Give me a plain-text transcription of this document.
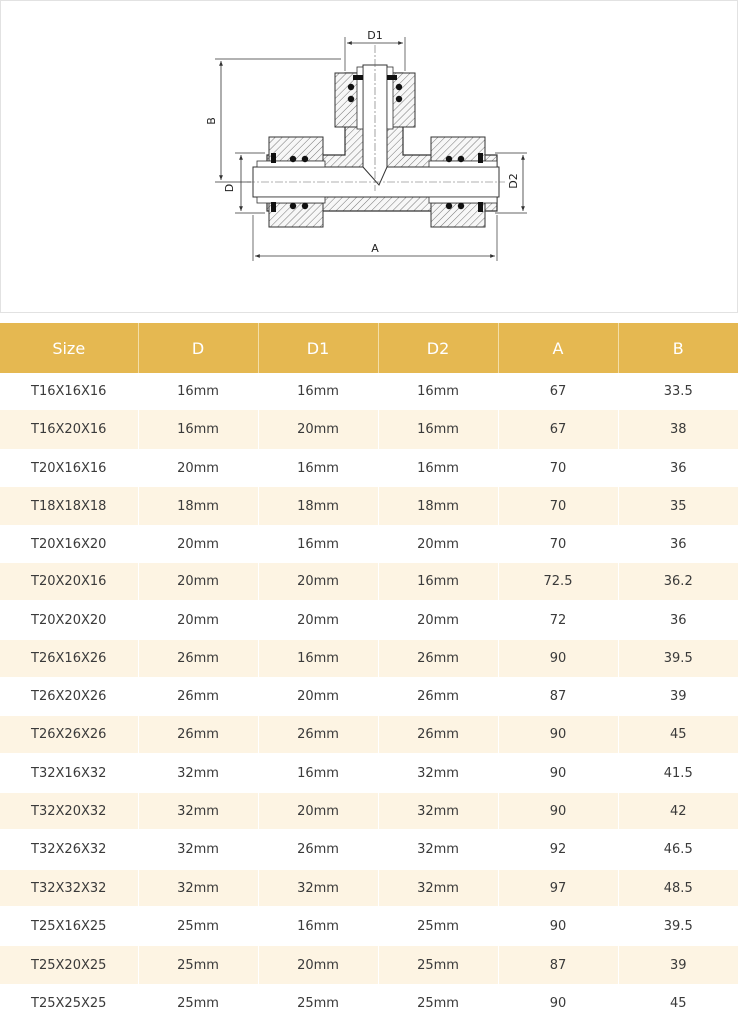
D1
B
D	D2
A
Size	D	D1	D2	A	B
T16X16X16	16mm	16mm	16mm	67	33.5
T16X20X16	16mm	20mm	16mm	67	38
T20X16X16	20mm	16mm	16mm	70	36
T18X18X18	18mm	18mm	18mm	70	35
T20X16X20	20mm	16mm	20mm	70	36
T20X20X16	20mm	20mm	16mm	72.5	36.2
T20X20X20	20mm	20mm	20mm	72	36
T26X16X26	26mm	16mm	26mm	90	39.5
T26X20X26	26mm	20mm	26mm	87	39
T26X26X26	26mm	26mm	26mm	90	45
T32X16X32	32mm	16mm	32mm	90	41.5
T32X20X32	32mm	20mm	32mm	90	42
T32X26X32	32mm	26mm	32mm	92	46.5
T32X32X32	32mm	32mm	32mm	97	48.5
T25X16X25	25mm	16mm	25mm	90	39.5
T25X20X25	25mm	20mm	25mm	87	39
T25X25X25	25mm	25mm	25mm	90	45
